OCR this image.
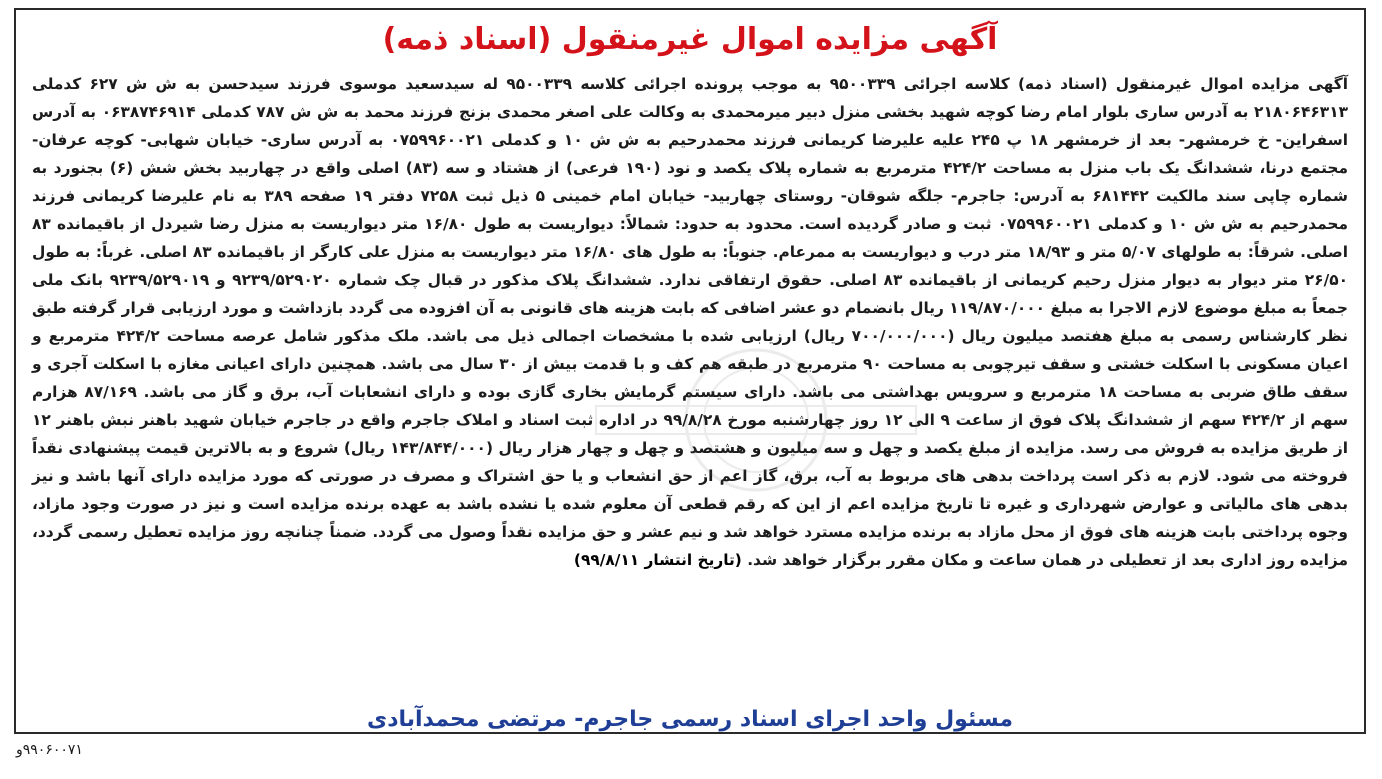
آگهی مزایده اموال غیرمنقول (اسناد ذمه)
آگهی مزایده اموال غیرمنقول (اسناد ذمه) کلاسه اجرائی ۹۵۰۰۳۳۹ به موجب پرونده اجرائی کلاسه ۹۵۰۰۳۳۹ له سیدسعید موسوی فرزند سیدحسن به ش ش ۶۲۷ کدملی ۲۱۸۰۶۴۶۳۱۳ به آدرس ساری بلوار امام رضا کوچه شهید بخشی منزل دبیر میرمحمدی به وکالت علی اصغر محمدی بزنج فرزند محمد به ش ش ۷۸۷ کدملی ۰۶۳۸۷۴۶۹۱۴ به آدرس اسفراین- خ خرمشهر- بعد از خرمشهر ۱۸ پ ۲۴۵ علیه علیرضا کریمانی فرزند محمدرحیم به ش ش ۱۰ و کدملی ۰۷۵۹۹۶۰۰۲۱ به آدرس ساری- خیابان شهابی- کوچه عرفان- مجتمع درنا، ششدانگ یک باب منزل به مساحت ۴۲۴/۲ مترمربع به شماره پلاک یکصد و نود (۱۹۰ فرعی) از هشتاد و سه (۸۳) اصلی واقع در چهاربید بخش شش (۶) بجنورد به شماره چاپی سند مالکیت ۶۸۱۴۴۲ به آدرس: جاجرم- جلگه شوقان- روستای چهاربید- خیابان امام خمینی ۵ ذیل ثبت ۷۲۵۸ دفتر ۱۹ صفحه ۳۸۹ به نام علیرضا کریمانی فرزند محمدرحیم به ش ش ۱۰ و کدملی ۰۷۵۹۹۶۰۰۲۱ ثبت و صادر گردیده است. محدود به حدود: شمالاً: دیواریست به طول ۱۶/۸۰ متر دیواریست به منزل رضا شیردل از باقیمانده ۸۳ اصلی. شرقاً: به طولهای ۵/۰۷ متر و ۱۸/۹۳ متر درب و دیواریست به ممرعام. جنوباً: به طول های ۱۶/۸۰ متر دیواریست به منزل علی کارگر از باقیمانده ۸۳ اصلی. غرباً: به طول ۲۶/۵۰ متر دیوار به دیوار منزل رحیم کریمانی از باقیمانده ۸۳ اصلی. حقوق ارتفاقی ندارد. ششدانگ پلاک مذکور در قبال چک شماره ۹۲۳۹/۵۲۹۰۲۰ و ۹۲۳۹/۵۲۹۰۱۹ بانک ملی جمعاً به مبلغ موضوع لازم الاجرا به مبلغ ۱۱۹/۸۷۰/۰۰۰ ریال بانضمام دو عشر اضافی که بابت هزینه های قانونی به آن افزوده می گردد بازداشت و مورد ارزیابی قرار گرفته طبق نظر کارشناس رسمی به مبلغ هفتصد میلیون ریال (۷۰۰/۰۰۰/۰۰۰ ریال) ارزیابی شده با مشخصات اجمالی ذیل می باشد. ملک مذکور شامل عرصه مساحت ۴۲۴/۲ مترمربع و اعیان مسکونی با اسکلت خشتی و سقف تیرچوبی به مساحت ۹۰ مترمربع در طبقه هم کف و با قدمت بیش از ۳۰ سال می باشد. همچنین دارای اعیانی مغازه با اسکلت آجری و سقف طاق ضربی به مساحت ۱۸ مترمربع و سرویس بهداشتی می باشد. دارای سیستم گرمایش بخاری گازی بوده و دارای انشعابات آب، برق و گاز می باشد. ۸۷/۱۶۹ هزارم سهم از ۴۲۴/۲ سهم از ششدانگ پلاک فوق از ساعت ۹ الی ۱۲ روز چهارشنبه مورخ ۹۹/۸/۲۸ در اداره ثبت اسناد و املاک جاجرم واقع در جاجرم خیابان شهید باهنر نبش باهنر ۱۲ از طریق مزایده به فروش می رسد. مزایده از مبلغ یکصد و چهل و سه میلیون و هشتصد و چهل و چهار هزار ریال (۱۴۳/۸۴۴/۰۰۰ ریال) شروع و به بالاترین قیمت پیشنهادی نقداً فروخته می شود. لازم به ذکر است پرداخت بدهی های مربوط به آب، برق، گاز اعم از حق انشعاب و یا حق اشتراک و مصرف در صورتی که مورد مزایده دارای آنها باشد و نیز بدهی های مالیاتی و عوارض شهرداری و غیره تا تاریخ مزایده اعم از این که رقم قطعی آن معلوم شده یا نشده باشد به عهده برنده مزایده است و نیز در صورت وجود مازاد، وجوه پرداختی بابت هزینه های فوق از محل مازاد به برنده مزایده مسترد خواهد شد و نیم عشر و حق مزایده نقداً وصول می گردد. ضمناً چنانچه روز مزایده تعطیل رسمی گردد، مزایده روز اداری بعد از تعطیلی در همان ساعت و مکان مقرر برگزار خواهد شد. (تاریخ انتشار ۹۹/۸/۱۱)
مسئول واحد اجرای اسناد رسمی جاجرم- مرتضی محمدآبادی
۹۹۰۶۰۰۷۱و
